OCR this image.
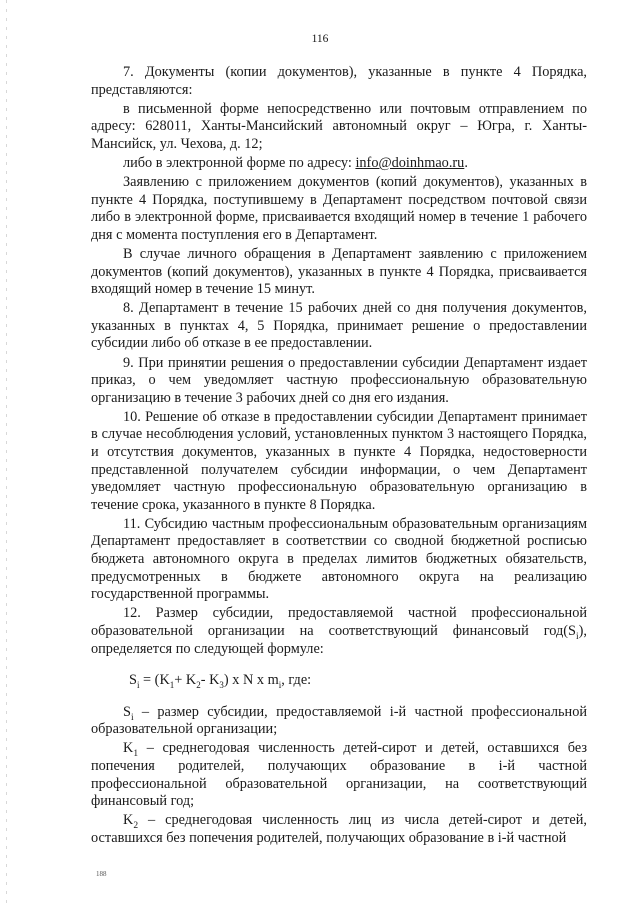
116

7. Документы (копии документов), указанные в пункте 4 Порядка, представляются:

в письменной форме непосредственно или почтовым отправлением по адресу: 628011, Ханты-Мансийский автономный округ – Югра, г. Ханты-Мансийск, ул. Чехова, д. 12;

либо в электронной форме по адресу: info@doinhmao.ru.

Заявлению с приложением документов (копий документов), указанных в пункте 4 Порядка, поступившему в Департамент посредством почтовой связи либо в электронной форме, присваивается входящий номер в течение 1 рабочего дня с момента поступления его в Департамент.

В случае личного обращения в Департамент заявлению с приложением документов (копий документов), указанных в пункте 4 Порядка, присваивается входящий номер в течение 15 минут.

8. Департамент в течение 15 рабочих дней со дня получения документов, указанных в пунктах 4, 5 Порядка, принимает решение о предоставлении субсидии либо об отказе в ее предоставлении.

9. При принятии решения о предоставлении субсидии Департамент издает приказ, о чем уведомляет частную профессиональную образовательную организацию в течение 3 рабочих дней со дня его издания.

10. Решение об отказе в предоставлении субсидии Департамент принимает в случае несоблюдения условий, установленных пунктом 3 настоящего Порядка, и отсутствия документов, указанных в пункте 4 Порядка, недостоверности представленной получателем субсидии информации, о чем Департамент уведомляет частную профессиональную образовательную организацию в течение срока, указанного в пункте 8 Порядка.

11. Субсидию частным профессиональным образовательным организациям Департамент предоставляет в соответствии со сводной бюджетной росписью бюджета автономного округа в пределах лимитов бюджетных обязательств, предусмотренных в бюджете автономного округа на реализацию государственной программы.

12. Размер субсидии, предоставляемой частной профессиональной образовательной организации на соответствующий финансовый $год(S_i)$, определяется по следующей формуле:

$S_i = (K_1+ K_2-$ $K_3$) x N x $m_i$, где:

$S_i$ – размер субсидии, предоставляемой i-й частной профессиональной образовательной организации;

$K_1$ – среднегодовая численность детей-сирот и детей, оставшихся без попечения родителей, получающих образование в i-й частной профессиональной образовательной организации, на соответствующий финансовый год;

$K_2$ – среднегодовая численность лиц из числа детей-сирот и детей, оставшихся без попечения родителей, получающих образование в i-й частной

188
